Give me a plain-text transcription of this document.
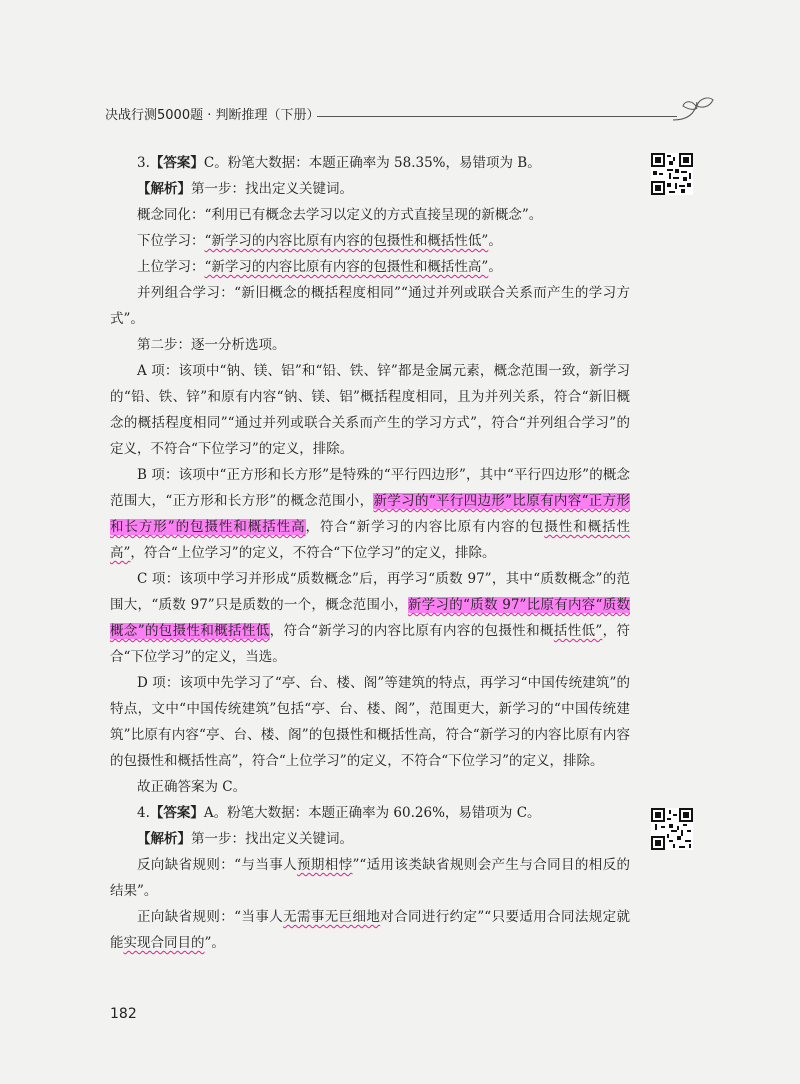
决战行测5000题 · 判断推理（下册）

3.【答案】C。粉笔大数据：本题正确率为 58.35%，易错项为 B。

【解析】第一步：找出定义关键词。

概念同化：“利用已有概念去学习以定义的方式直接呈现的新概念”。

下位学习：“新学习的内容比原有内容的包摄性和概括性低”。

上位学习：“新学习的内容比原有内容的包摄性和概括性高”。

并列组合学习：“新旧概念的概括程度相同”“通过并列或联合关系而产生的学习方式”。

第二步：逐一分析选项。

A 项：该项中“钠、镁、铝”和“铅、铁、锌”都是金属元素，概念范围一致，新学习的“铅、铁、锌”和原有内容“钠、镁、铝”概括程度相同，且为并列关系，符合“新旧概念的概括程度相同”“通过并列或联合关系而产生的学习方式”，符合“并列组合学习”的定义，不符合“下位学习”的定义，排除。

B 项：该项中“正方形和长方形”是特殊的“平行四边形”，其中“平行四边形”的概念范围大，“正方形和长方形”的概念范围小，新学习的“平行四边形”比原有内容“正方形和长方形”的包摄性和概括性高，符合“新学习的内容比原有内容的包摄性和概括性高”，符合“上位学习”的定义，不符合“下位学习”的定义，排除。

C 项：该项中学习并形成“质数概念”后，再学习“质数 97”，其中“质数概念”的范围大，“质数 97”只是质数的一个，概念范围小，新学习的“质数 97”比原有内容“质数概念”的包摄性和概括性低，符合“新学习的内容比原有内容的包摄性和概括性低”，符合“下位学习”的定义，当选。

D 项：该项中先学习了“亭、台、楼、阁”等建筑的特点，再学习“中国传统建筑”的特点，文中“中国传统建筑”包括“亭、台、楼、阁”，范围更大，新学习的“中国传统建筑”比原有内容“亭、台、楼、阁”的包摄性和概括性高，符合“新学习的内容比原有内容的包摄性和概括性高”，符合“上位学习”的定义，不符合“下位学习”的定义，排除。

故正确答案为 C。

4.【答案】A。粉笔大数据：本题正确率为 60.26%，易错项为 C。

【解析】第一步：找出定义关键词。

反向缺省规则：“与当事人预期相悖”“适用该类缺省规则会产生与合同目的相反的结果”。

正向缺省规则：“当事人无需事无巨细地对合同进行约定”“只要适用合同法规定就能实现合同目的”。

182
